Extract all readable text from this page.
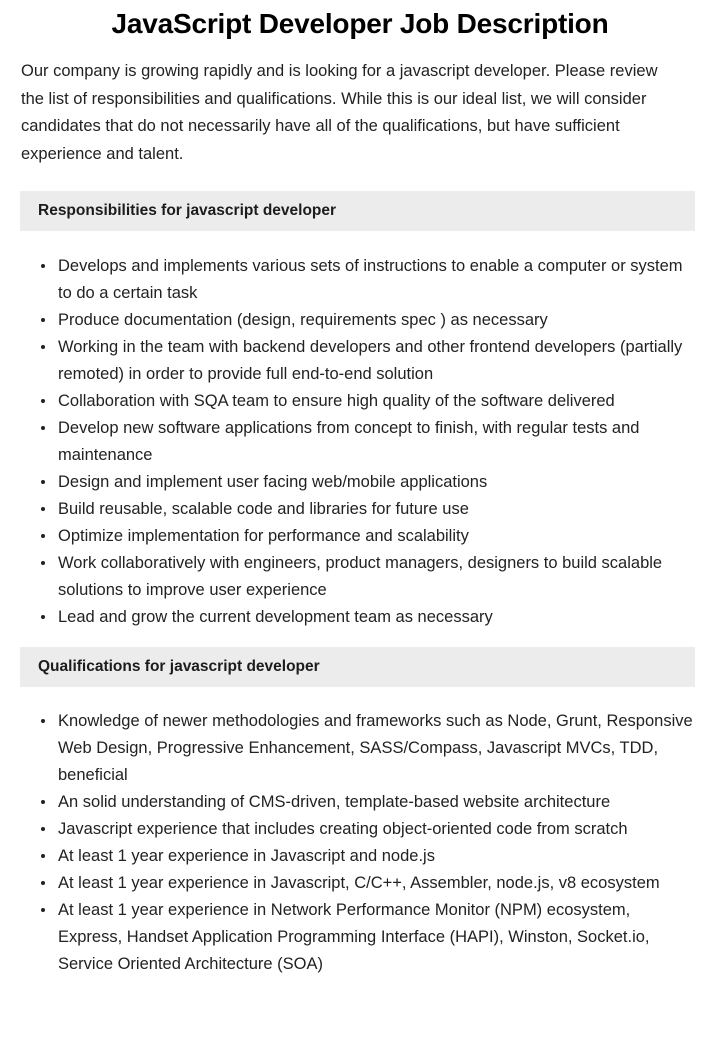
JavaScript Developer Job Description

Our company is growing rapidly and is looking for a javascript developer. Please review the list of responsibilities and qualifications. While this is our ideal list, we will consider candidates that do not necessarily have all of the qualifications, but have sufficient experience and talent.

Responsibilities for javascript developer
Develops and implements various sets of instructions to enable a computer or system to do a certain task
Produce documentation (design, requirements spec ) as necessary
Working in the team with backend developers and other frontend developers (partially remoted) in order to provide full end-to-end solution
Collaboration with SQA team to ensure high quality of the software delivered
Develop new software applications from concept to finish, with regular tests and maintenance
Design and implement user facing web/mobile applications
Build reusable, scalable code and libraries for future use
Optimize implementation for performance and scalability
Work collaboratively with engineers, product managers, designers to build scalable solutions to improve user experience
Lead and grow the current development team as necessary
Qualifications for javascript developer
Knowledge of newer methodologies and frameworks such as Node, Grunt, Responsive Web Design, Progressive Enhancement, SASS/Compass, Javascript MVCs, TDD, beneficial
An solid understanding of CMS-driven, template-based website architecture
Javascript experience that includes creating object-oriented code from scratch
At least 1 year experience in Javascript and node.js
At least 1 year experience in Javascript, C/C++, Assembler, node.js, v8 ecosystem
At least 1 year experience in Network Performance Monitor (NPM) ecosystem, Express, Handset Application Programming Interface (HAPI), Winston, Socket.io, Service Oriented Architecture (SOA)
